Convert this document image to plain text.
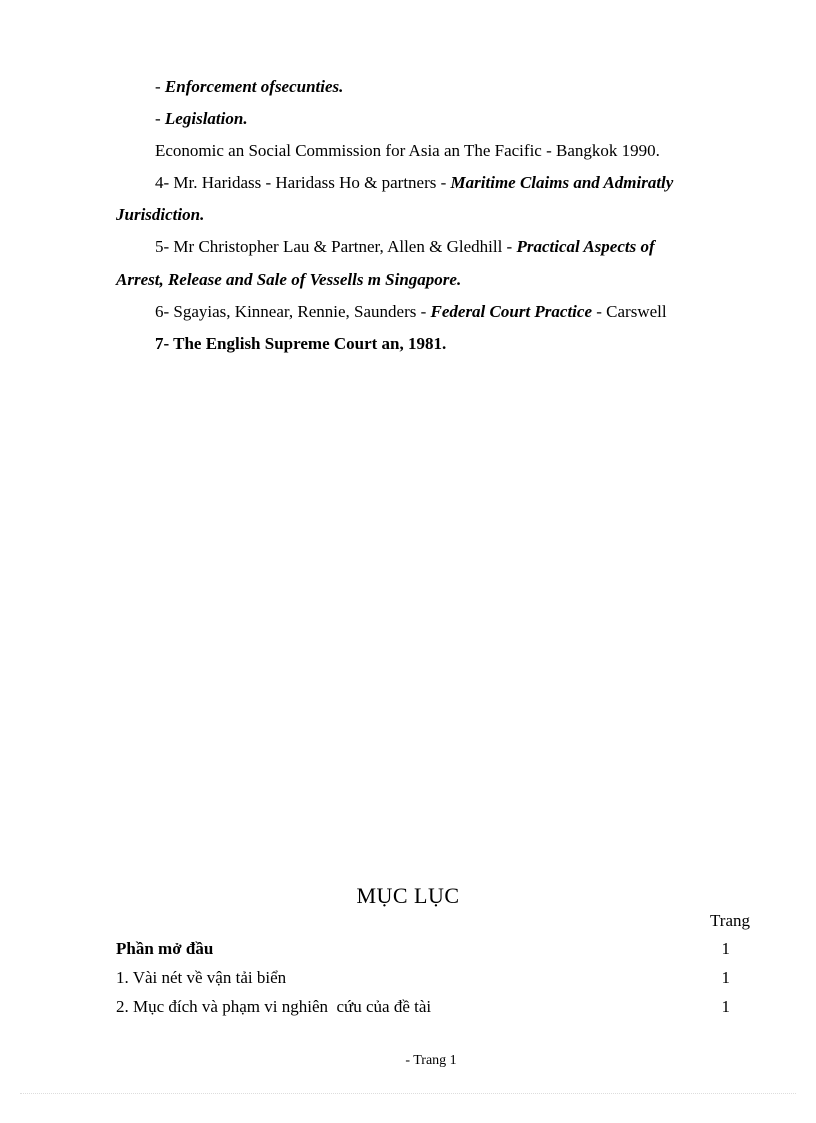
- Enforcement ofsecunties.
- Legislation.
Economic an Social Commission for Asia an The Facific - Bangkok 1990.
4- Mr. Haridass - Haridass Ho & partners - Maritime Claims and Admiratly
Jurisdiction.
5- Mr Christopher Lau & Partner, Allen & Gledhill - Practical Aspects of
Arrest, Release and Sale of Vessells m Singapore.
6- Sgayias, Kinnear, Rennie, Saunders - Federal Court Practice - Carswell
7- The English Supreme Court an, 1981.
MỤC LỤC
Trang
Phần mở đầu	1
1. Vài nét về vận tải biển	1
2. Mục đích và phạm vi nghiên  cứu của đề tài	1
- Trang 1
